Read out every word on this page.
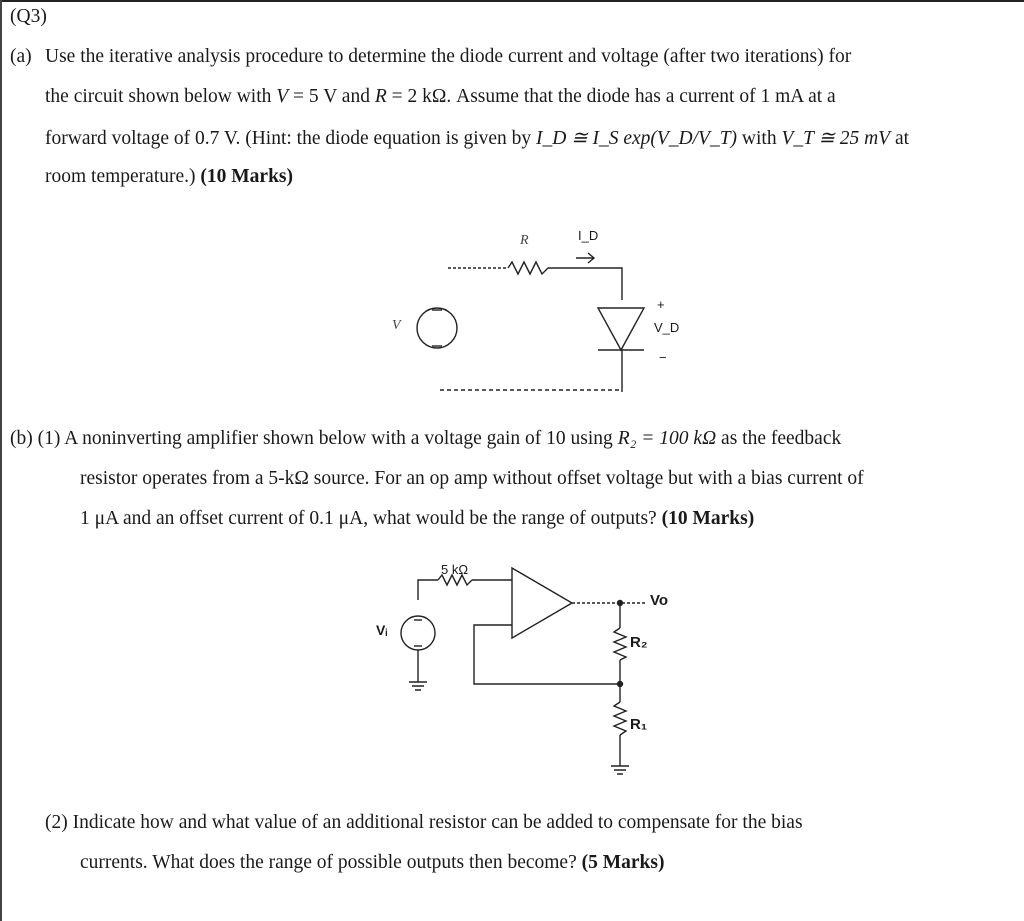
(Q3)
(a) Use the iterative analysis procedure to determine the diode current and voltage (after two iterations) for
the circuit shown below with V = 5 V and R = 2 kΩ. Assume that the diode has a current of 1 mA at a
forward voltage of 0.7 V. (Hint: the diode equation is given by I_D ≅ I_S exp(V_D/V_T) with V_T ≅ 25 mV at
room temperature.) (10 Marks)
R	I_D
V
+
V_D
−
(b) (1) A noninverting amplifier shown below with a voltage gain of 10 using R₂ = 100 kΩ as the feedback
resistor operates from a 5-kΩ source. For an op amp without offset voltage but with a bias current of
1 μA and an offset current of 0.1 μA, what would be the range of outputs? (10 Marks)
5 kΩ
Vᵢ
Vo
R₂
R₁
(2) Indicate how and what value of an additional resistor can be added to compensate for the bias
currents. What does the range of possible outputs then become? (5 Marks)
